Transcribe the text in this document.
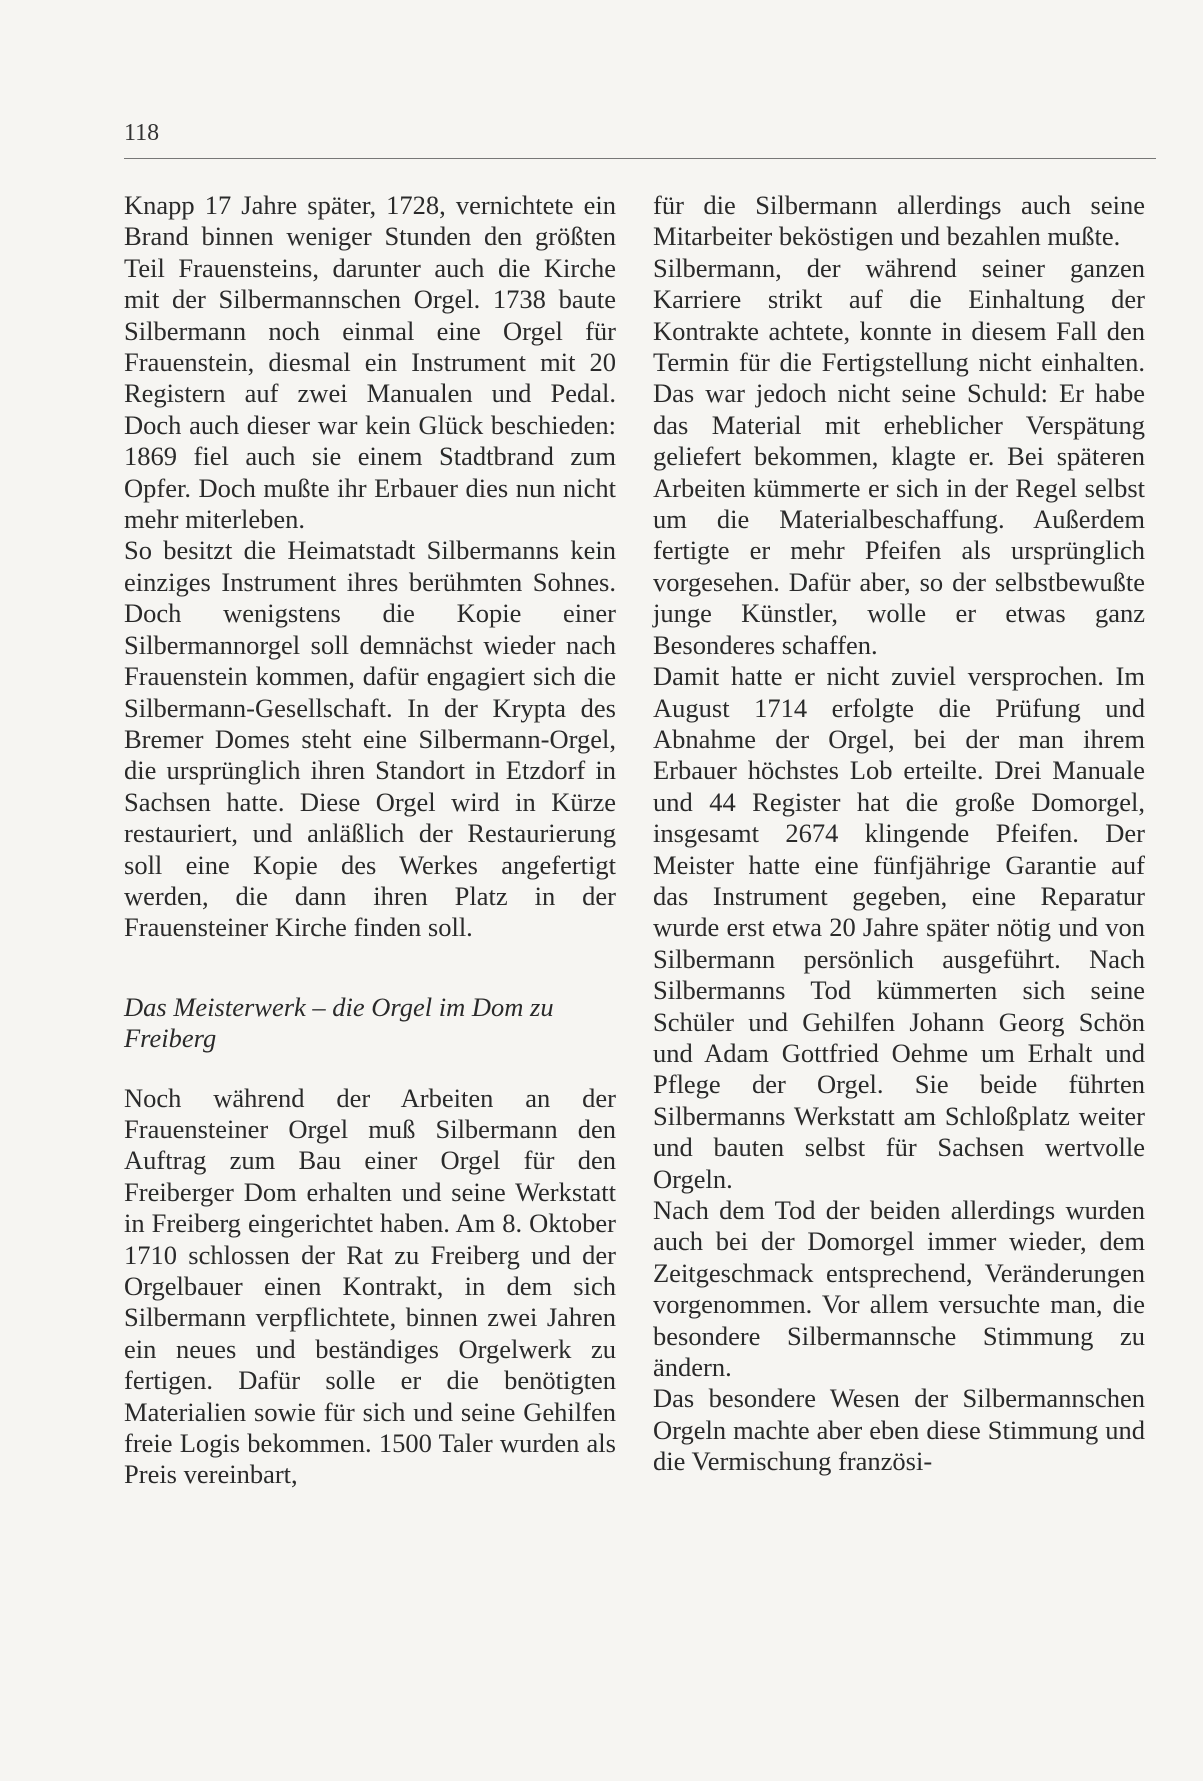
118

Knapp 17 Jahre später, 1728, vernichtete ein Brand binnen weniger Stunden den größten Teil Frauensteins, darunter auch die Kirche mit der Silbermannschen Orgel. 1738 baute Silbermann noch einmal eine Orgel für Frauenstein, diesmal ein Instrument mit 20 Registern auf zwei Manualen und Pedal. Doch auch dieser war kein Glück beschieden: 1869 fiel auch sie einem Stadtbrand zum Opfer. Doch mußte ihr Erbauer dies nun nicht mehr miterleben.

So besitzt die Heimatstadt Silbermanns kein einziges Instrument ihres berühmten Sohnes. Doch wenigstens die Kopie einer Silbermannorgel soll demnächst wieder nach Frauenstein kommen, dafür engagiert sich die Silbermann-Gesellschaft. In der Krypta des Bremer Domes steht eine Silbermann-Orgel, die ursprünglich ihren Standort in Etzdorf in Sachsen hatte. Diese Orgel wird in Kürze restauriert, und anläßlich der Restaurierung soll eine Kopie des Werkes angefertigt werden, die dann ihren Platz in der Frauensteiner Kirche finden soll.

Das Meisterwerk – die Orgel im Dom zu Freiberg

Noch während der Arbeiten an der Frauensteiner Orgel muß Silbermann den Auftrag zum Bau einer Orgel für den Freiberger Dom erhalten und seine Werkstatt in Freiberg eingerichtet haben. Am 8. Oktober 1710 schlossen der Rat zu Freiberg und der Orgelbauer einen Kontrakt, in dem sich Silbermann verpflichtete, binnen zwei Jahren ein neues und beständiges Orgelwerk zu fertigen. Dafür solle er die benötigten Materialien sowie für sich und seine Gehilfen freie Logis bekommen. 1500 Taler wurden als Preis vereinbart,

für die Silbermann allerdings auch seine Mitarbeiter beköstigen und bezahlen mußte.

Silbermann, der während seiner ganzen Karriere strikt auf die Einhaltung der Kontrakte achtete, konnte in diesem Fall den Termin für die Fertigstellung nicht einhalten. Das war jedoch nicht seine Schuld: Er habe das Material mit erheblicher Verspätung geliefert bekommen, klagte er. Bei späteren Arbeiten kümmerte er sich in der Regel selbst um die Materialbeschaffung. Außerdem fertigte er mehr Pfeifen als ursprünglich vorgesehen. Dafür aber, so der selbstbewußte junge Künstler, wolle er etwas ganz Besonderes schaffen.

Damit hatte er nicht zuviel versprochen. Im August 1714 erfolgte die Prüfung und Abnahme der Orgel, bei der man ihrem Erbauer höchstes Lob erteilte. Drei Manuale und 44 Register hat die große Domorgel, insgesamt 2674 klingende Pfeifen. Der Meister hatte eine fünfjährige Garantie auf das Instrument gegeben, eine Reparatur wurde erst etwa 20 Jahre später nötig und von Silbermann persönlich ausgeführt. Nach Silbermanns Tod kümmerten sich seine Schüler und Gehilfen Johann Georg Schön und Adam Gottfried Oehme um Erhalt und Pflege der Orgel. Sie beide führten Silbermanns Werkstatt am Schloßplatz weiter und bauten selbst für Sachsen wertvolle Orgeln.

Nach dem Tod der beiden allerdings wurden auch bei der Domorgel immer wieder, dem Zeitgeschmack entsprechend, Veränderungen vorgenommen. Vor allem versuchte man, die besondere Silbermannsche Stimmung zu ändern.

Das besondere Wesen der Silbermannschen Orgeln machte aber eben diese Stimmung und die Vermischung französi-
